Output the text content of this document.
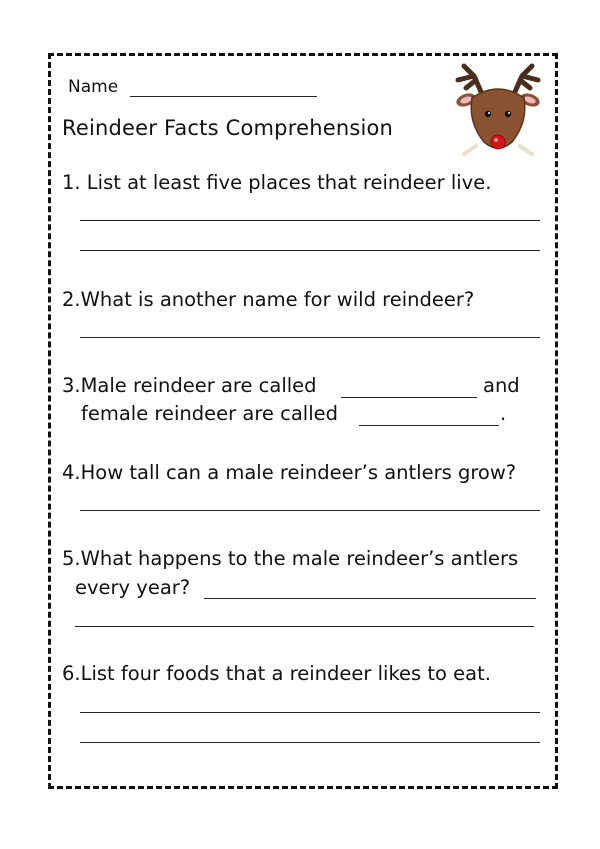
Name
Reindeer Facts Comprehension
1. List at least five places that reindeer live.
2.What is another name for wild reindeer?
3.Male reindeer are called	and
female reindeer are called	.
4.How tall can a male reindeer’s antlers grow?
5.What happens to the male reindeer’s antlers
every year?
6.List four foods that a reindeer likes to eat.
